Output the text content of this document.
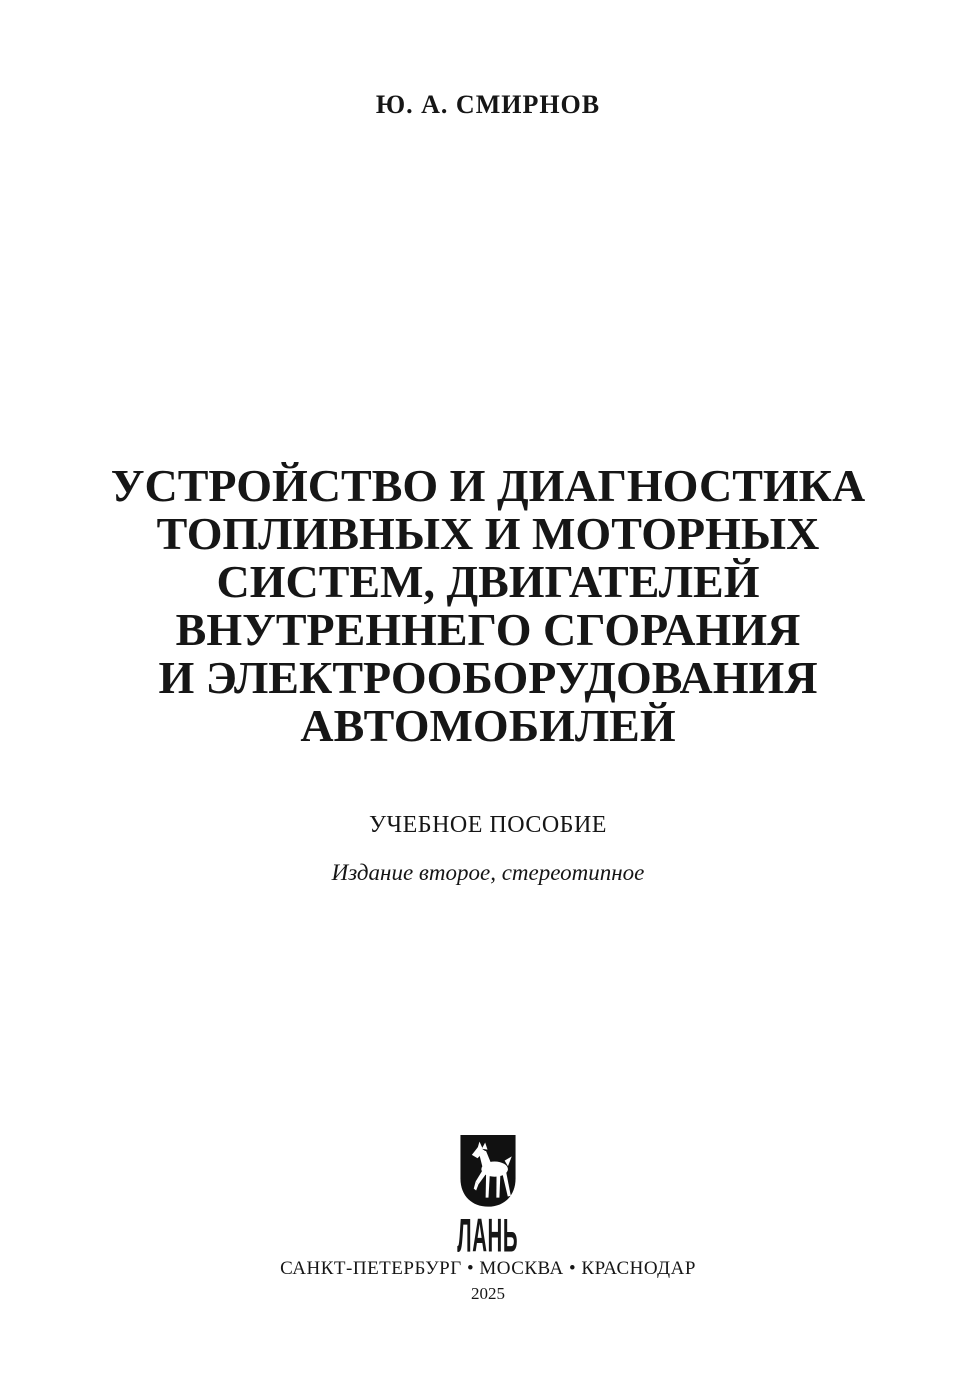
Ю. А. СМИРНОВ
УСТРОЙСТВО И ДИАГНОСТИКА
ТОПЛИВНЫХ И МОТОРНЫХ
СИСТЕМ, ДВИГАТЕЛЕЙ
ВНУТРЕННЕГО СГОРАНИЯ
И ЭЛЕКТРООБОРУДОВАНИЯ
АВТОМОБИЛЕЙ
УЧЕБНОЕ ПОСОБИЕ
Издание второе, стереотипное
ЛАНЬ
САНКТ-ПЕТЕРБУРГ • МОСКВА • КРАСНОДАР
2025
